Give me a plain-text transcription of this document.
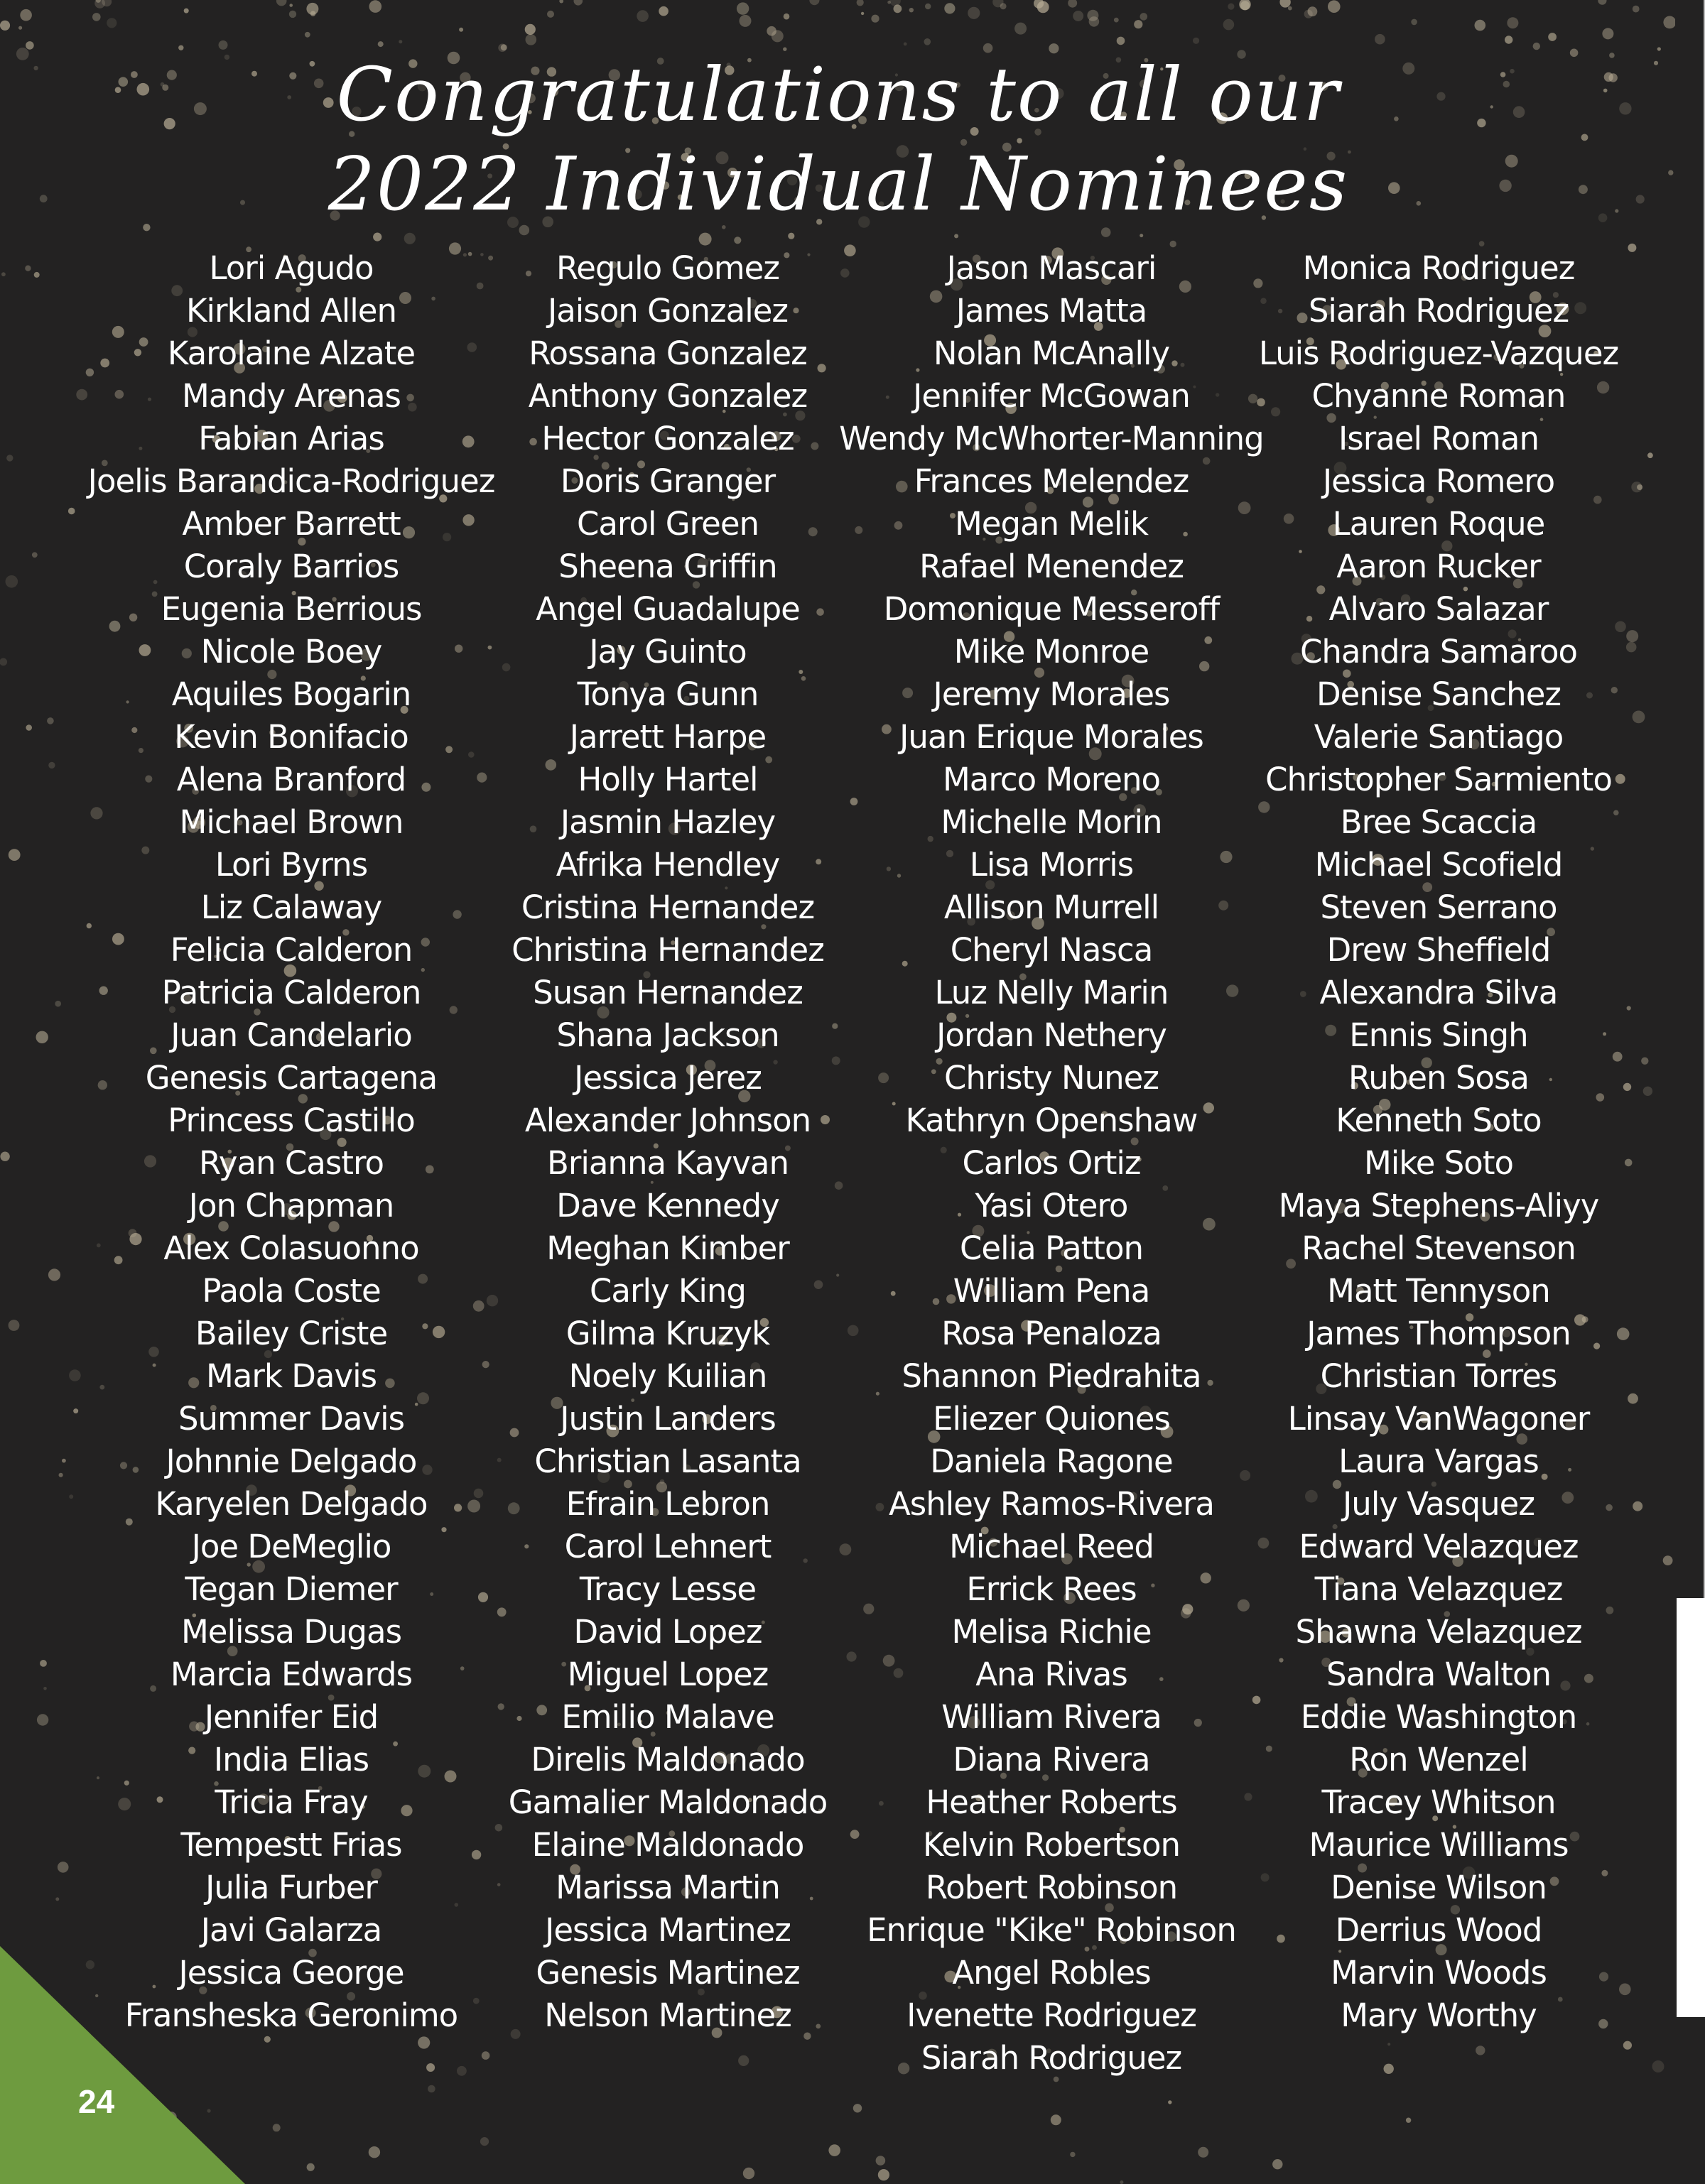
Congratulations to all our
2022 Individual Nominees
Lori Agudo
Kirkland Allen
Karolaine Alzate
Mandy Arenas
Fabian Arias
Joelis Barandica-Rodriguez
Amber Barrett
Coraly Barrios
Eugenia Berrious
Nicole Boey
Aquiles Bogarin
Kevin Bonifacio
Alena Branford
Michael Brown
Lori Byrns
Liz Calaway
Felicia Calderon
Patricia Calderon
Juan Candelario
Genesis Cartagena
Princess Castillo
Ryan Castro
Jon Chapman
Alex Colasuonno
Paola Coste
Bailey Criste
Mark Davis
Summer Davis
Johnnie Delgado
Karyelen Delgado
Joe DeMeglio
Tegan Diemer
Melissa Dugas
Marcia Edwards
Jennifer Eid
India Elias
Tricia Fray
Tempestt Frias
Julia Furber
Javi Galarza
Jessica George
Fransheska Geronimo
Regulo Gomez
Jaison Gonzalez
Rossana Gonzalez
Anthony Gonzalez
Hector Gonzalez
Doris Granger
Carol Green
Sheena Griffin
Angel Guadalupe
Jay Guinto
Tonya Gunn
Jarrett Harpe
Holly Hartel
Jasmin Hazley
Afrika Hendley
Cristina Hernandez
Christina Hernandez
Susan Hernandez
Shana Jackson
Jessica Jerez
Alexander Johnson
Brianna Kayvan
Dave Kennedy
Meghan Kimber
Carly King
Gilma Kruzyk
Noely Kuilian
Justin Landers
Christian Lasanta
Efrain Lebron
Carol Lehnert
Tracy Lesse
David Lopez
Miguel Lopez
Emilio Malave
Direlis Maldonado
Gamalier Maldonado
Elaine Maldonado
Marissa Martin
Jessica Martinez
Genesis Martinez
Nelson Martinez
Jason Mascari
James Matta
Nolan McAnally
Jennifer McGowan
Wendy McWhorter-Manning
Frances Melendez
Megan Melik
Rafael Menendez
Domonique Messeroff
Mike Monroe
Jeremy Morales
Juan Erique Morales
Marco Moreno
Michelle Morin
Lisa Morris
Allison Murrell
Cheryl Nasca
Luz Nelly Marin
Jordan Nethery
Christy Nunez
Kathryn Openshaw
Carlos Ortiz
Yasi Otero
Celia Patton
William Pena
Rosa Penaloza
Shannon Piedrahita
Eliezer Quiones
Daniela Ragone
Ashley Ramos-Rivera
Michael Reed
Errick Rees
Melisa Richie
Ana Rivas
William Rivera
Diana Rivera
Heather Roberts
Kelvin Robertson
Robert Robinson
Enrique "Kike" Robinson
Angel Robles
Ivenette Rodriguez
Siarah Rodriguez
Monica Rodriguez
Siarah Rodriguez
Luis Rodriguez-Vazquez
Chyanne Roman
Israel Roman
Jessica Romero
Lauren Roque
Aaron Rucker
Alvaro Salazar
Chandra Samaroo
Denise Sanchez
Valerie Santiago
Christopher Sarmiento
Bree Scaccia
Michael Scofield
Steven Serrano
Drew Sheffield
Alexandra Silva
Ennis Singh
Ruben Sosa
Kenneth Soto
Mike Soto
Maya Stephens-Aliyy
Rachel Stevenson
Matt Tennyson
James Thompson
Christian Torres
Linsay VanWagoner
Laura Vargas
July Vasquez
Edward Velazquez
Tiana Velazquez
Shawna Velazquez
Sandra Walton
Eddie Washington
Ron Wenzel
Tracey Whitson
Maurice Williams
Denise Wilson
Derrius Wood
Marvin Woods
Mary Worthy
24
